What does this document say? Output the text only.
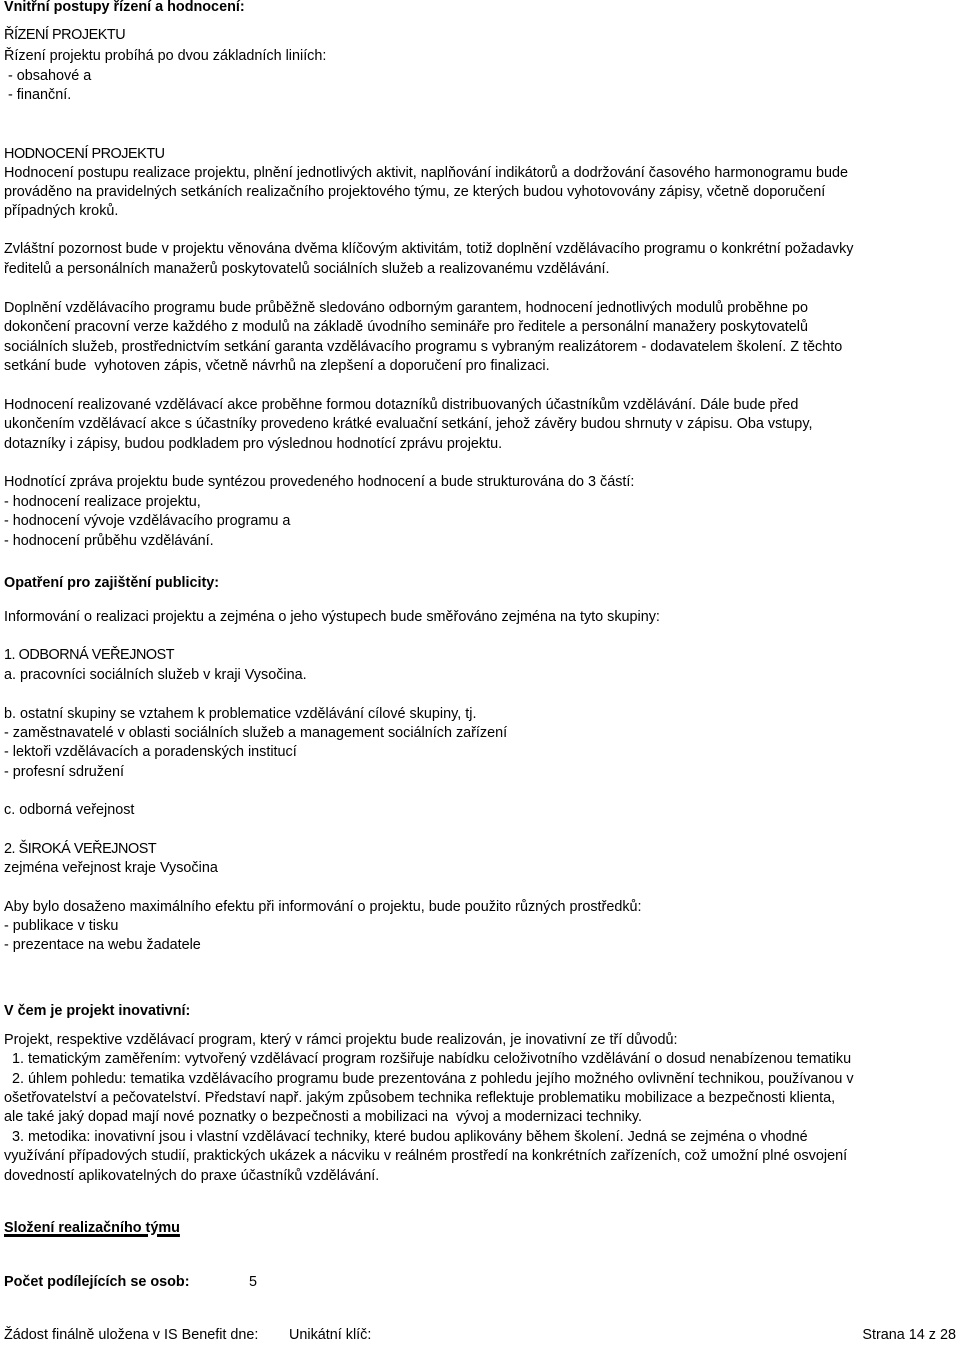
Vnitřní postupy řízení a hodnocení:
ŘÍZENÍ PROJEKTU
Řízení projektu probíhá po dvou základních liniích:
- obsahové a
- finanční.
HODNOCENÍ PROJEKTU
Hodnocení postupu realizace projektu, plnění jednotlivých aktivit, naplňování indikátorů a dodržování časového harmonogramu bude
prováděno na pravidelných setkáních realizačního projektového týmu, ze kterých budou vyhotovovány zápisy, včetně doporučení
případných kroků.
Zvláštní pozornost bude v projektu věnována dvěma klíčovým aktivitám, totiž doplnění vzdělávacího programu o konkrétní požadavky
ředitelů a personálních manažerů poskytovatelů sociálních služeb a realizovanému vzdělávání.
Doplnění vzdělávacího programu bude průběžně sledováno odborným garantem, hodnocení jednotlivých modulů proběhne po
dokončení pracovní verze každého z modulů na základě úvodního semináře pro ředitele a personální manažery poskytovatelů
sociálních služeb, prostřednictvím setkání garanta vzdělávacího programu s vybraným realizátorem - dodavatelem školení. Z těchto
setkání bude  vyhotoven zápis, včetně návrhů na zlepšení a doporučení pro finalizaci.
Hodnocení realizované vzdělávací akce proběhne formou dotazníků distribuovaných účastníkům vzdělávání. Dále bude před
ukončením vzdělávací akce s účastníky provedeno krátké evaluační setkání, jehož závěry budou shrnuty v zápisu. Oba vstupy,
dotazníky i zápisy, budou podkladem pro výslednou hodnotící zprávu projektu.
Hodnotící zpráva projektu bude syntézou provedeného hodnocení a bude strukturována do 3 částí:
- hodnocení realizace projektu,
- hodnocení vývoje vzdělávacího programu a
- hodnocení průběhu vzdělávání.
Opatření pro zajištění publicity:
Informování o realizaci projektu a zejména o jeho výstupech bude směřováno zejména na tyto skupiny:
1. ODBORNÁ VEŘEJNOST
a. pracovníci sociálních služeb v kraji Vysočina.
b. ostatní skupiny se vztahem k problematice vzdělávání cílové skupiny, tj.
- zaměstnavatelé v oblasti sociálních služeb a management sociálních zařízení
- lektoři vzdělávacích a poradenských institucí
- profesní sdružení
c. odborná veřejnost
2. ŠIROKÁ VEŘEJNOST
zejména veřejnost kraje Vysočina
Aby bylo dosaženo maximálního efektu při informování o projektu, bude použito různých prostředků:
- publikace v tisku
- prezentace na webu žadatele
V čem je projekt inovativní:
Projekt, respektive vzdělávací program, který v rámci projektu bude realizován, je inovativní ze tří důvodů:
1. tematickým zaměřením: vytvořený vzdělávací program rozšiřuje nabídku celoživotního vzdělávání o dosud nenabízenou tematiku
2. úhlem pohledu: tematika vzdělávacího programu bude prezentována z pohledu jejího možného ovlivnění technikou, používanou v
ošetřovatelství a pečovatelství. Představ​í např. jakým způsobem technika reflektuje problematiku mobilizace a bezpečnosti klienta,
ale také jaký dopad mají nové poznatky o bezpečnosti a mobilizaci na  vývoj a modernizaci techniky.
3. metodika: inovativní jsou i vlastní vzdělávací techniky, které budou aplikovány během školení. Jedná se zejména o vhodné
využívání případových studií, praktických ukázek a nácviku v reálném prostředí na konkrétních zařízeních, což umožní plné osvojení
dovedností aplikovatelných do praxe účastníků vzdělávání.
Složení realizačního týmu
Počet podílejících se osob:	5
Žádost finálně uložena v IS Benefit dne: Unikátní klíč:	Strana 14 z 28
